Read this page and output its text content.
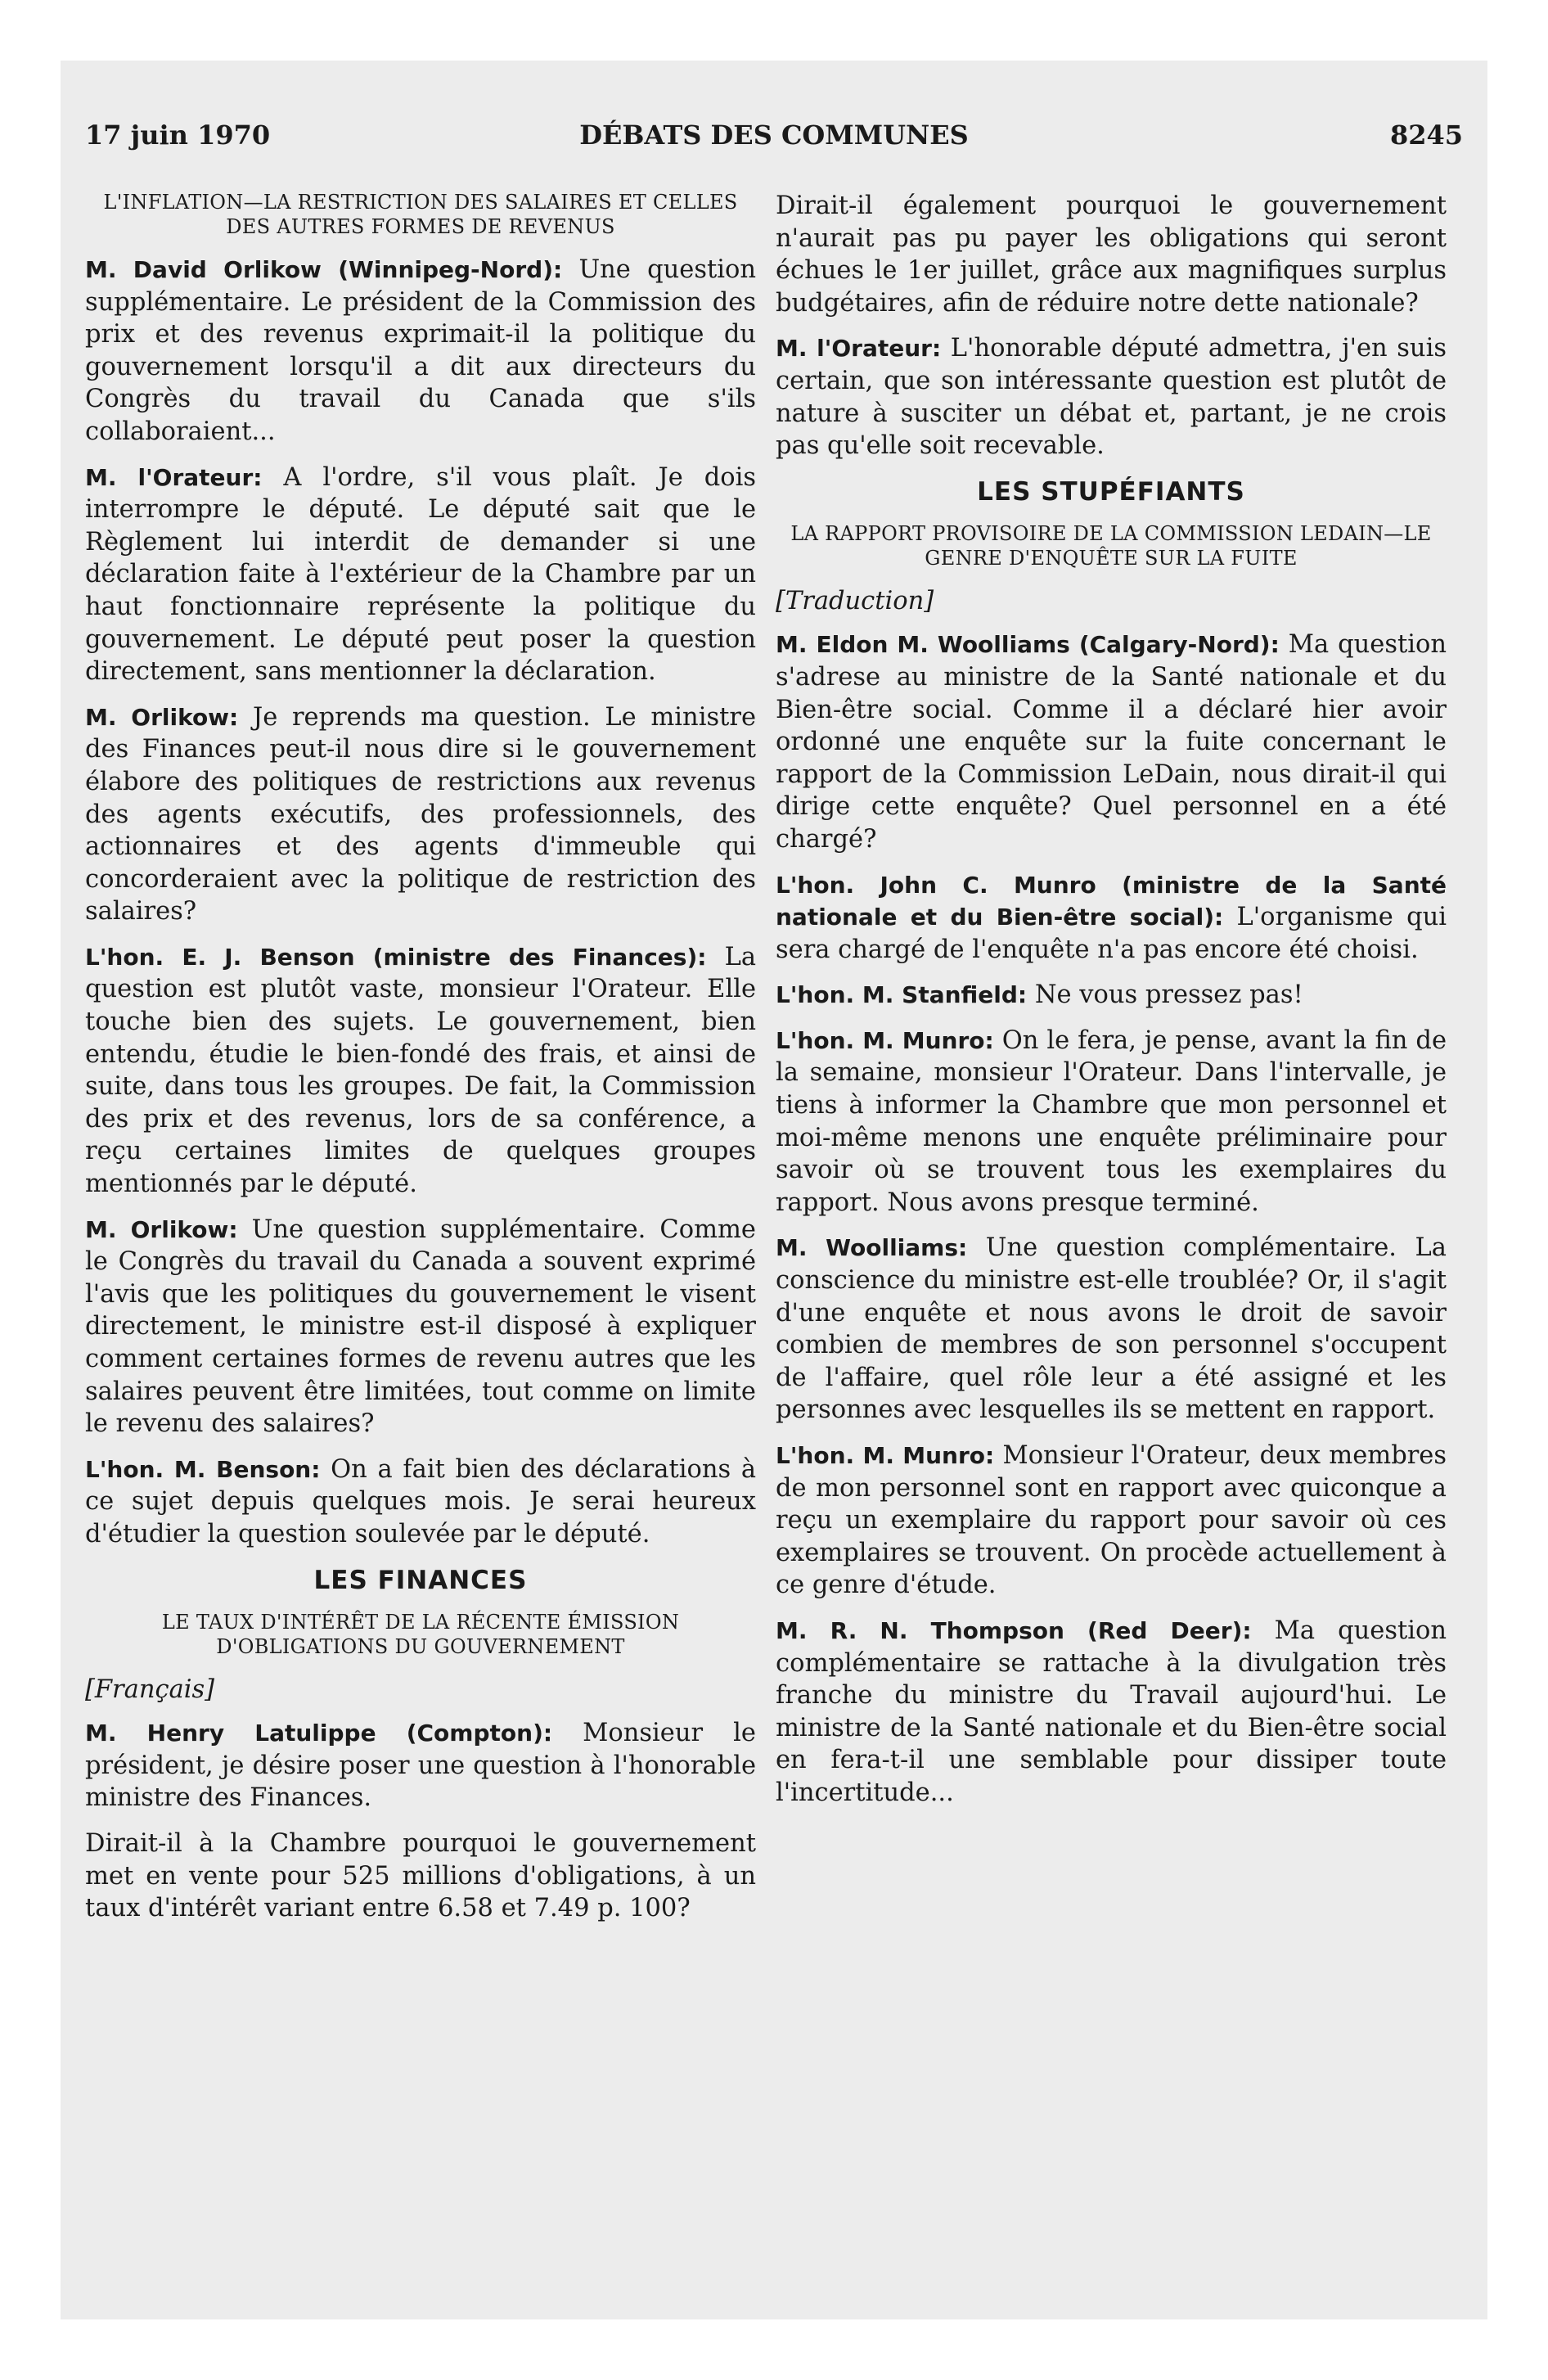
17 juin 1970	DÉBATS DES COMMUNES	8245
L'INFLATION—LA RESTRICTION DES SALAIRES ET CELLES DES AUTRES FORMES DE REVENUS

M. David Orlikow (Winnipeg-Nord): Une question supplémentaire. Le président de la Commission des prix et des revenus exprimait-il la politique du gouvernement lorsqu'il a dit aux directeurs du Congrès du travail du Canada que s'ils collaboraient...

M. l'Orateur: A l'ordre, s'il vous plaît. Je dois interrompre le député. Le député sait que le Règlement lui interdit de demander si une déclaration faite à l'extérieur de la Chambre par un haut fonctionnaire représente la politique du gouvernement. Le député peut poser la question directement, sans mentionner la déclaration.

M. Orlikow: Je reprends ma question. Le ministre des Finances peut-il nous dire si le gouvernement élabore des politiques de restrictions aux revenus des agents exécutifs, des professionnels, des actionnaires et des agents d'immeuble qui concorderaient avec la politique de restriction des salaires?

L'hon. E. J. Benson (ministre des Finances): La question est plutôt vaste, monsieur l'Orateur. Elle touche bien des sujets. Le gouvernement, bien entendu, étudie le bien-fondé des frais, et ainsi de suite, dans tous les groupes. De fait, la Commission des prix et des revenus, lors de sa conférence, a reçu certaines limites de quelques groupes mentionnés par le député.

M. Orlikow: Une question supplémentaire. Comme le Congrès du travail du Canada a souvent exprimé l'avis que les politiques du gouvernement le visent directement, le ministre est-il disposé à expliquer comment certaines formes de revenu autres que les salaires peuvent être limitées, tout comme on limite le revenu des salaires?

L'hon. M. Benson: On a fait bien des déclarations à ce sujet depuis quelques mois. Je serai heureux d'étudier la question soulevée par le député.

LES FINANCES
LE TAUX D'INTÉRÊT DE LA RÉCENTE ÉMISSION D'OBLIGATIONS DU GOUVERNEMENT
[Français]

M. Henry Latulippe (Compton): Monsieur le président, je désire poser une question à l'honorable ministre des Finances.

Dirait-il à la Chambre pourquoi le gouvernement met en vente pour 525 millions d'obligations, à un taux d'intérêt variant entre 6.58 et 7.49 p. 100?

Dirait-il également pourquoi le gouvernement n'aurait pas pu payer les obligations qui seront échues le 1er juillet, grâce aux magnifiques surplus budgétaires, afin de réduire notre dette nationale?

M. l'Orateur: L'honorable député admettra, j'en suis certain, que son intéressante question est plutôt de nature à susciter un débat et, partant, je ne crois pas qu'elle soit recevable.

LES STUPÉFIANTS
LA RAPPORT PROVISOIRE DE LA COMMISSION LEDAIN—LE GENRE D'ENQUÊTE SUR LA FUITE
[Traduction]

M. Eldon M. Woolliams (Calgary-Nord): Ma question s'adrese au ministre de la Santé nationale et du Bien-être social. Comme il a déclaré hier avoir ordonné une enquête sur la fuite concernant le rapport de la Commission LeDain, nous dirait-il qui dirige cette enquête? Quel personnel en a été chargé?

L'hon. John C. Munro (ministre de la Santé nationale et du Bien-être social): L'organisme qui sera chargé de l'enquête n'a pas encore été choisi.

L'hon. M. Stanfield: Ne vous pressez pas!

L'hon. M. Munro: On le fera, je pense, avant la fin de la semaine, monsieur l'Orateur. Dans l'intervalle, je tiens à informer la Chambre que mon personnel et moi-même menons une enquête préliminaire pour savoir où se trouvent tous les exemplaires du rapport. Nous avons presque terminé.

M. Woolliams: Une question complémentaire. La conscience du ministre est-elle troublée? Or, il s'agit d'une enquête et nous avons le droit de savoir combien de membres de son personnel s'occupent de l'affaire, quel rôle leur a été assigné et les personnes avec lesquelles ils se mettent en rapport.

L'hon. M. Munro: Monsieur l'Orateur, deux membres de mon personnel sont en rapport avec quiconque a reçu un exemplaire du rapport pour savoir où ces exemplaires se trouvent. On procède actuellement à ce genre d'étude.

M. R. N. Thompson (Red Deer): Ma question complémentaire se rattache à la divulgation très franche du ministre du Travail aujourd'hui. Le ministre de la Santé nationale et du Bien-être social en fera-t-il une semblable pour dissiper toute l'incertitude...
